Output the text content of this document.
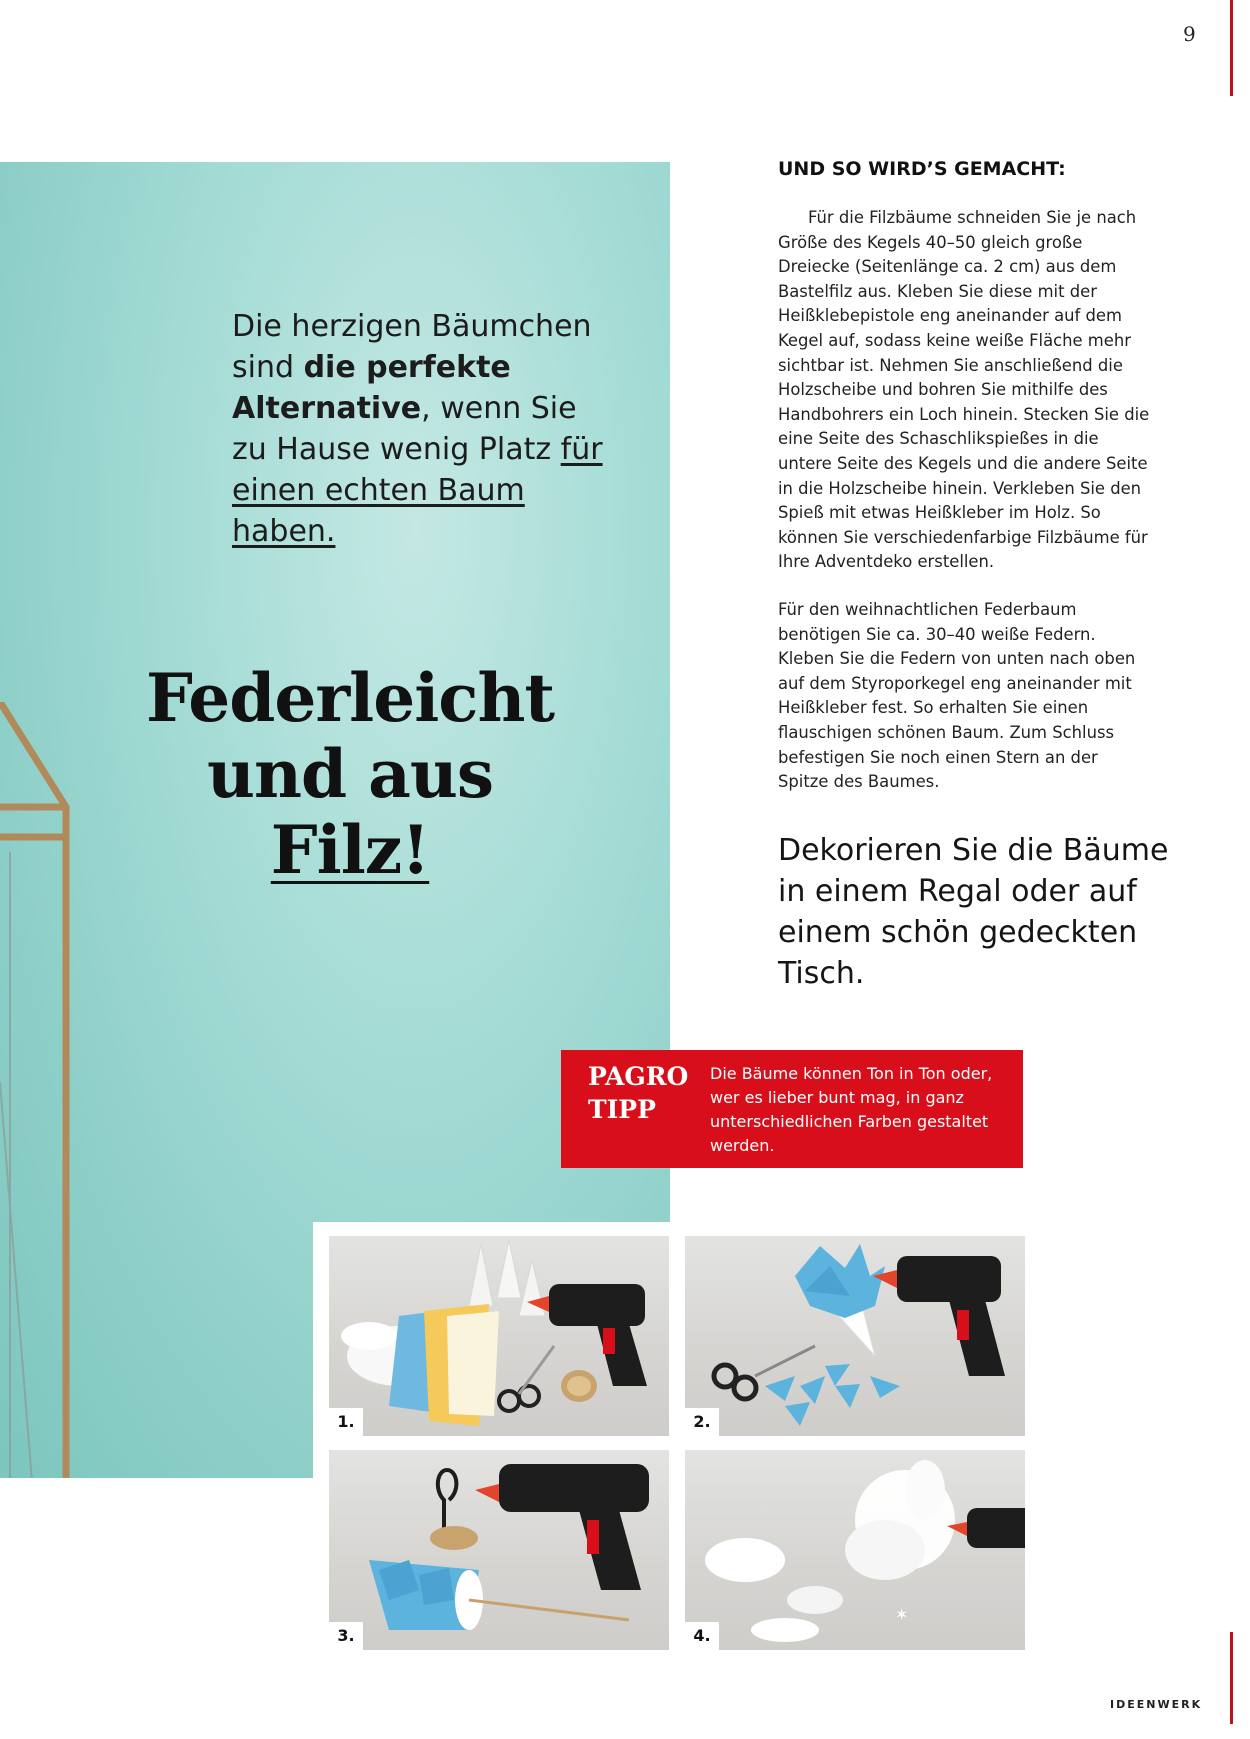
9
IDEENWERK
Die herzigen Bäumchen sind die perfekte Alternative, wenn Sie zu Hause wenig Platz für einen echten Baum haben.
Federleicht
und aus
Filz!
UND SO WIRD’S GEMACHT:
Für die Filzbäume schneiden Sie je nach Größe des Kegels 40–50 gleich große Dreiecke (Seitenlänge ca. 2 cm) aus dem Bastelfilz aus. Kleben Sie diese mit der Heißklebepistole eng aneinander auf dem Kegel auf, sodass keine weiße Fläche mehr sichtbar ist. Nehmen Sie anschließend die Holzscheibe und bohren Sie mithilfe des Handbohrers ein Loch hinein. Stecken Sie die eine Seite des Schaschlikspießes in die untere Seite des Kegels und die andere Seite in die Holzscheibe hinein. Verkleben Sie den Spieß mit etwas Heißkleber im Holz. So können Sie verschiedenfarbige Filzbäume für Ihre Adventdeko erstellen.
Für den weihnachtlichen Federbaum benötigen Sie ca. 30–40 weiße Federn. Kleben Sie die Federn von unten nach oben auf dem Styroporkegel eng aneinander mit Heißkleber fest. So erhalten Sie einen flauschigen schönen Baum. Zum Schluss befestigen Sie noch einen Stern an der Spitze des Baumes.
Dekorieren Sie die Bäume in einem Regal oder auf einem schön gedeckten Tisch.
PAGRO
TIPP
Die Bäume können Ton in Ton oder, wer es lieber bunt mag, in ganz unterschiedlichen Farben gestaltet werden.
1.	2.
3.
✶
4.
